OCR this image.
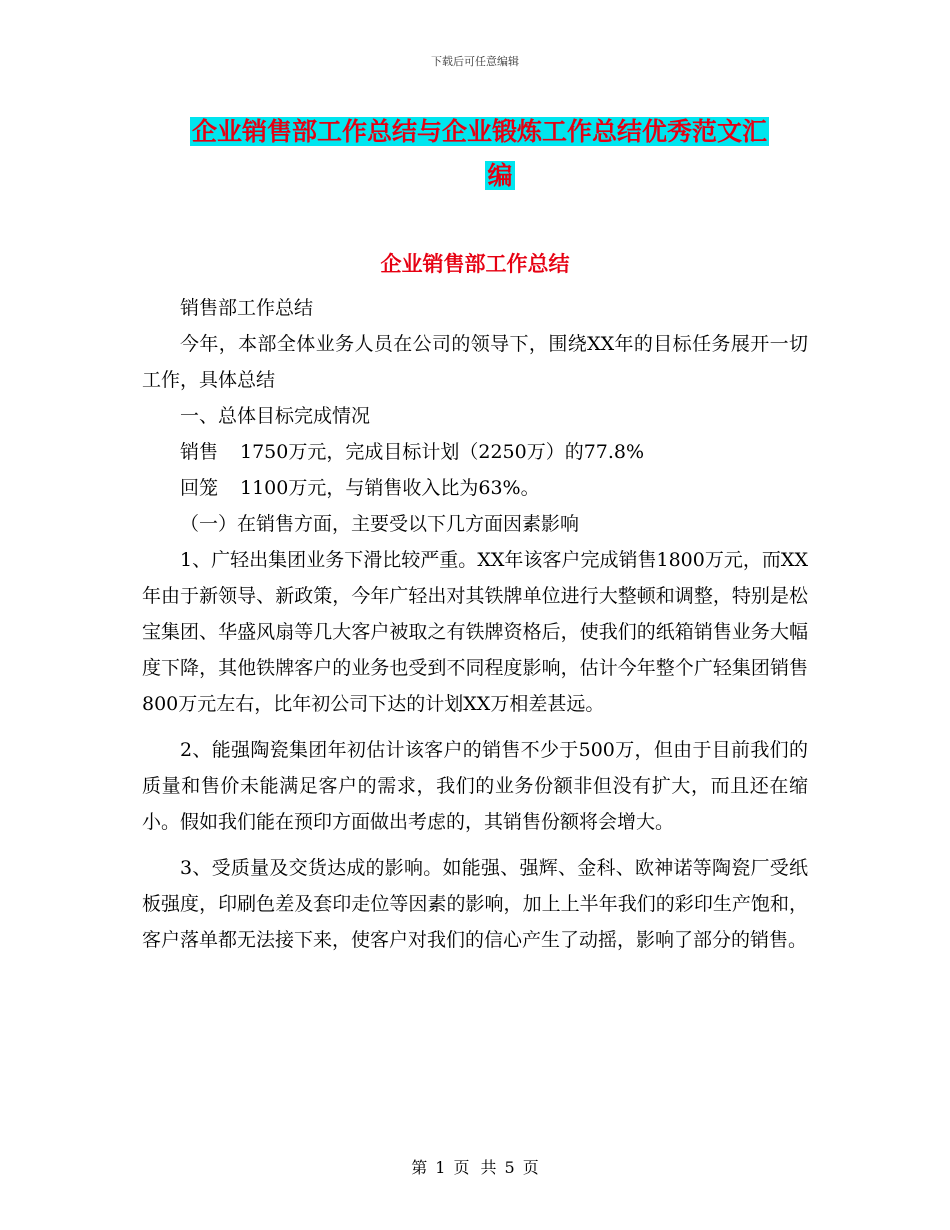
下载后可任意编辑
企业销售部工作总结与企业锻炼工作总结优秀范文汇
编
企业销售部工作总结

销售部工作总结

今年，本部全体业务人员在公司的领导下，围绕XX年的目标任务展开一切工作，具体总结

一、总体目标完成情况

销售 1750万元，完成目标计划（2250万）的77.8%

回笼 1100万元，与销售收入比为63%。

（一）在销售方面，主要受以下几方面因素影响

1、广轻出集团业务下滑比较严重。XX年该客户完成销售1800万元，而XX年由于新领导、新政策，今年广轻出对其铁牌单位进行大整顿和调整，特别是松宝集团、华盛风扇等几大客户被取之有铁牌资格后，使我们的纸箱销售业务大幅度下降，其他铁牌客户的业务也受到不同程度影响，估计今年整个广轻集团销售800万元左右，比年初公司下达的计划XX万相差甚远。

2、能强陶瓷集团年初估计该客户的销售不少于500万，但由于目前我们的质量和售价未能满足客户的需求，我们的业务份额非但没有扩大，而且还在缩小。假如我们能在预印方面做出考虑的，其销售份额将会增大。

3、受质量及交货达成的影响。如能强、强辉、金科、欧神诺等陶瓷厂受纸板强度，印刷色差及套印走位等因素的影响，加上上半年我们的彩印生产饱和，客户落单都无法接下来，使客户对我们的信心产生了动摇，影响了部分的销售。

第 1 页 共 5 页
